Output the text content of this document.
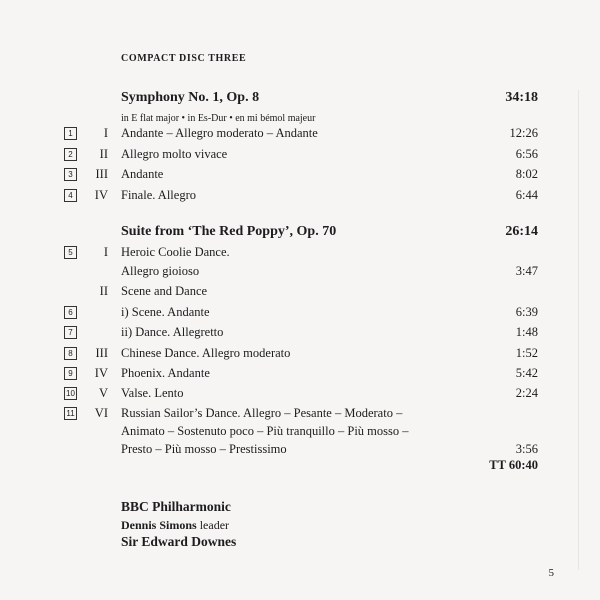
COMPACT DISC THREE
Symphony No. 1, Op. 8	34:18
in E flat major • in Es-Dur • en mi bémol majeur
1	I Andante – Allegro moderato – Andante	12:26
2	II Allegro molto vivace	6:56
3	III Andante	8:02
4	IV Finale. Allegro	6:44
Suite from ‘The Red Poppy’, Op. 70	26:14
5	I Heroic Coolie Dance.
Allegro gioioso	3:47
II Scene and Dance
6	i) Scene. Andante	6:39
7	ii) Dance. Allegretto	1:48
8	III Chinese Dance. Allegro moderato	1:52
9	IV Phoenix. Andante	5:42
10	V Valse. Lento	2:24
11	VI Russian Sailor’s Dance. Allegro – Pesante – Moderato –
Animato – Sostenuto poco – Più tranquillo – Più mosso –
Presto – Più mosso – Prestissimo	3:56
TT 60:40
BBC Philharmonic
Dennis Simons leader
Sir Edward Downes
5
